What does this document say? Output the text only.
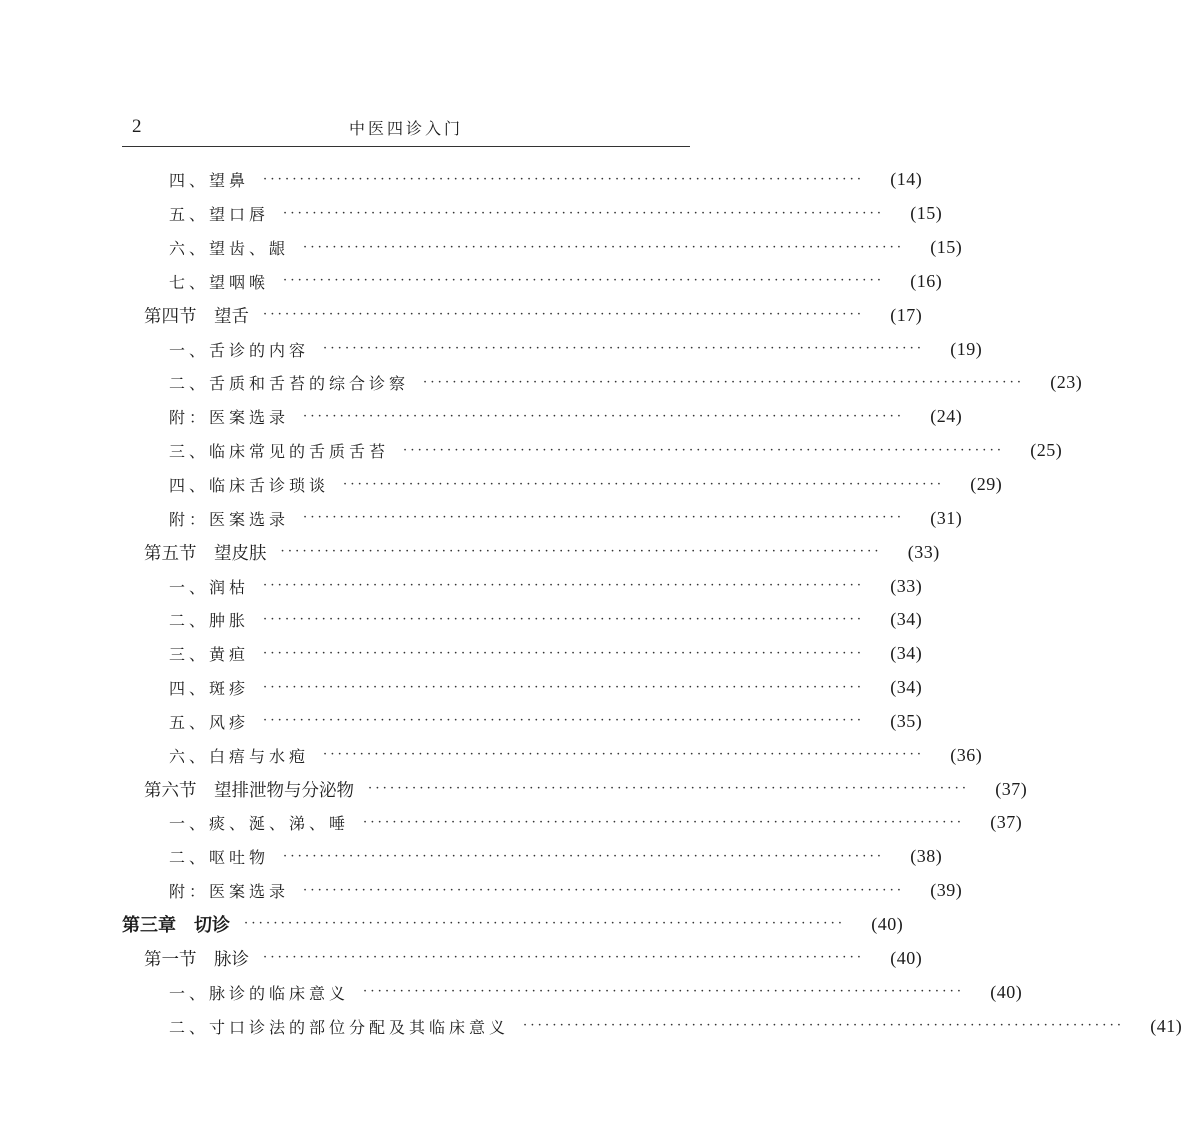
2	中医四诊入门
四、望鼻 ··················································································	(14)
五、望口唇 ··················································································	(15)
六、望齿、龈 ··················································································	(15)
七、望咽喉 ··················································································	(16)
第四节　望舌 ··················································································	(17)
一、舌诊的内容 ··················································································	(19)
二、舌质和舌苔的综合诊察 ··················································································	(23)
附：医案选录 ··················································································	(24)
三、临床常见的舌质舌苔 ··················································································	(25)
四、临床舌诊琐谈 ··················································································	(29)
附：医案选录 ··················································································	(31)
第五节　望皮肤 ··················································································	(33)
一、润枯 ··················································································	(33)
二、肿胀 ··················································································	(34)
三、黄疸 ··················································································	(34)
四、斑疹 ··················································································	(34)
五、风疹 ··················································································	(35)
六、白痦与水疱 ··················································································	(36)
第六节　望排泄物与分泌物 ··················································································	(37)
一、痰、涎、涕、唾 ··················································································	(37)
二、呕吐物 ··················································································	(38)
附：医案选录 ··················································································	(39)
第三章　切诊 ··················································································	(40)
第一节　脉诊 ··················································································	(40)
一、脉诊的临床意义 ··················································································	(40)
二、寸口诊法的部位分配及其临床意义 ··················································································	(41)
